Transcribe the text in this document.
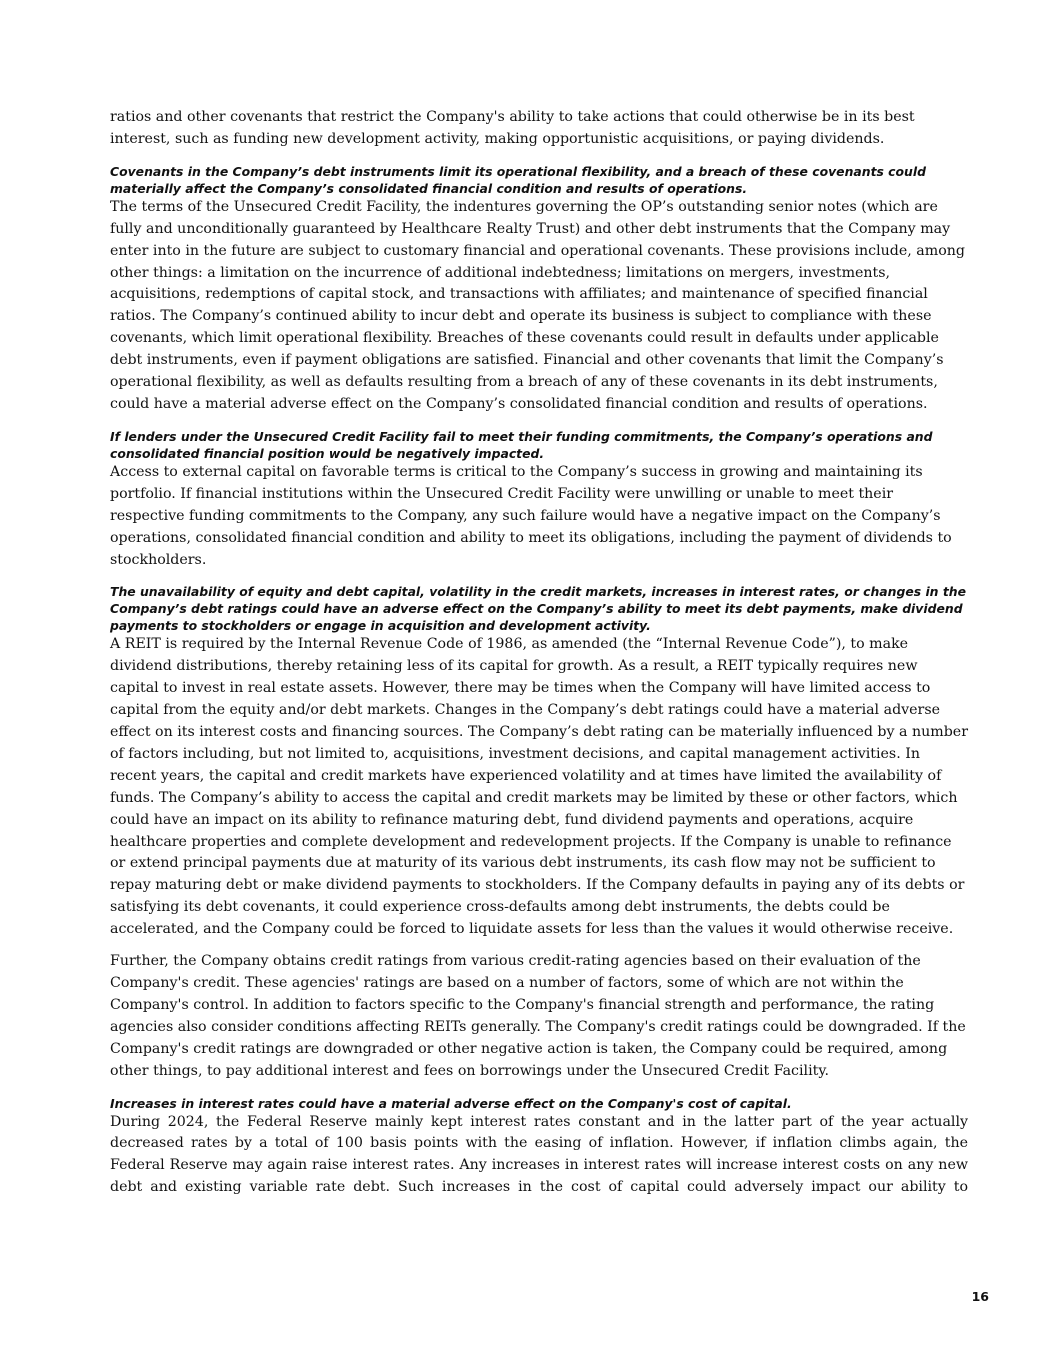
ratios and other covenants that restrict the Company's ability to take actions that could otherwise be in its best interest, such as funding new development activity, making opportunistic acquisitions, or paying dividends.

Covenants in the Company’s debt instruments limit its operational flexibility, and a breach of these covenants could materially affect the Company’s consolidated financial condition and results of operations.

The terms of the Unsecured Credit Facility, the indentures governing the OP’s outstanding senior notes (which are fully and unconditionally guaranteed by Healthcare Realty Trust) and other debt instruments that the Company may enter into in the future are subject to customary financial and operational covenants. These provisions include, among other things: a limitation on the incurrence of additional indebtedness; limitations on mergers, investments, acquisitions, redemptions of capital stock, and transactions with affiliates; and maintenance of specified financial ratios. The Company’s continued ability to incur debt and operate its business is subject to compliance with these covenants, which limit operational flexibility. Breaches of these covenants could result in defaults under applicable debt instruments, even if payment obligations are satisfied. Financial and other covenants that limit the Company’s operational flexibility, as well as defaults resulting from a breach of any of these covenants in its debt instruments, could have a material adverse effect on the Company’s consolidated financial condition and results of operations.

If lenders under the Unsecured Credit Facility fail to meet their funding commitments, the Company’s operations and consolidated financial position would be negatively impacted.

Access to external capital on favorable terms is critical to the Company’s success in growing and maintaining its portfolio. If financial institutions within the Unsecured Credit Facility were unwilling or unable to meet their respective funding commitments to the Company, any such failure would have a negative impact on the Company’s operations, consolidated financial condition and ability to meet its obligations, including the payment of dividends to stockholders.

The unavailability of equity and debt capital, volatility in the credit markets, increases in interest rates, or changes in the Company’s debt ratings could have an adverse effect on the Company’s ability to meet its debt payments, make dividend payments to stockholders or engage in acquisition and development activity.

A REIT is required by the Internal Revenue Code of 1986, as amended (the “Internal Revenue Code”), to make dividend distributions, thereby retaining less of its capital for growth. As a result, a REIT typically requires new capital to invest in real estate assets. However, there may be times when the Company will have limited access to capital from the equity and/or debt markets. Changes in the Company’s debt ratings could have a material adverse effect on its interest costs and financing sources. The Company’s debt rating can be materially influenced by a number of factors including, but not limited to, acquisitions, investment decisions, and capital management activities. In recent years, the capital and credit markets have experienced volatility and at times have limited the availability of funds. The Company’s ability to access the capital and credit markets may be limited by these or other factors, which could have an impact on its ability to refinance maturing debt, fund dividend payments and operations, acquire healthcare properties and complete development and redevelopment projects. If the Company is unable to refinance or extend principal payments due at maturity of its various debt instruments, its cash flow may not be sufficient to repay maturing debt or make dividend payments to stockholders. If the Company defaults in paying any of its debts or satisfying its debt covenants, it could experience cross-defaults among debt instruments, the debts could be accelerated, and the Company could be forced to liquidate assets for less than the values it would otherwise receive.

Further, the Company obtains credit ratings from various credit-rating agencies based on their evaluation of the Company's credit. These agencies' ratings are based on a number of factors, some of which are not within the Company's control. In addition to factors specific to the Company's financial strength and performance, the rating agencies also consider conditions affecting REITs generally. The Company's credit ratings could be downgraded. If the Company's credit ratings are downgraded or other negative action is taken, the Company could be required, among other things, to pay additional interest and fees on borrowings under the Unsecured Credit Facility.

Increases in interest rates could have a material adverse effect on the Company's cost of capital.

During 2024, the Federal Reserve mainly kept interest rates constant and in the latter part of the year actually decreased rates by a total of 100 basis points with the easing of inflation. However, if inflation climbs again, the Federal Reserve may again raise interest rates. Any increases in interest rates will increase interest costs on any new debt and existing variable rate debt. Such increases in the cost of capital could adversely impact our ability to

16
